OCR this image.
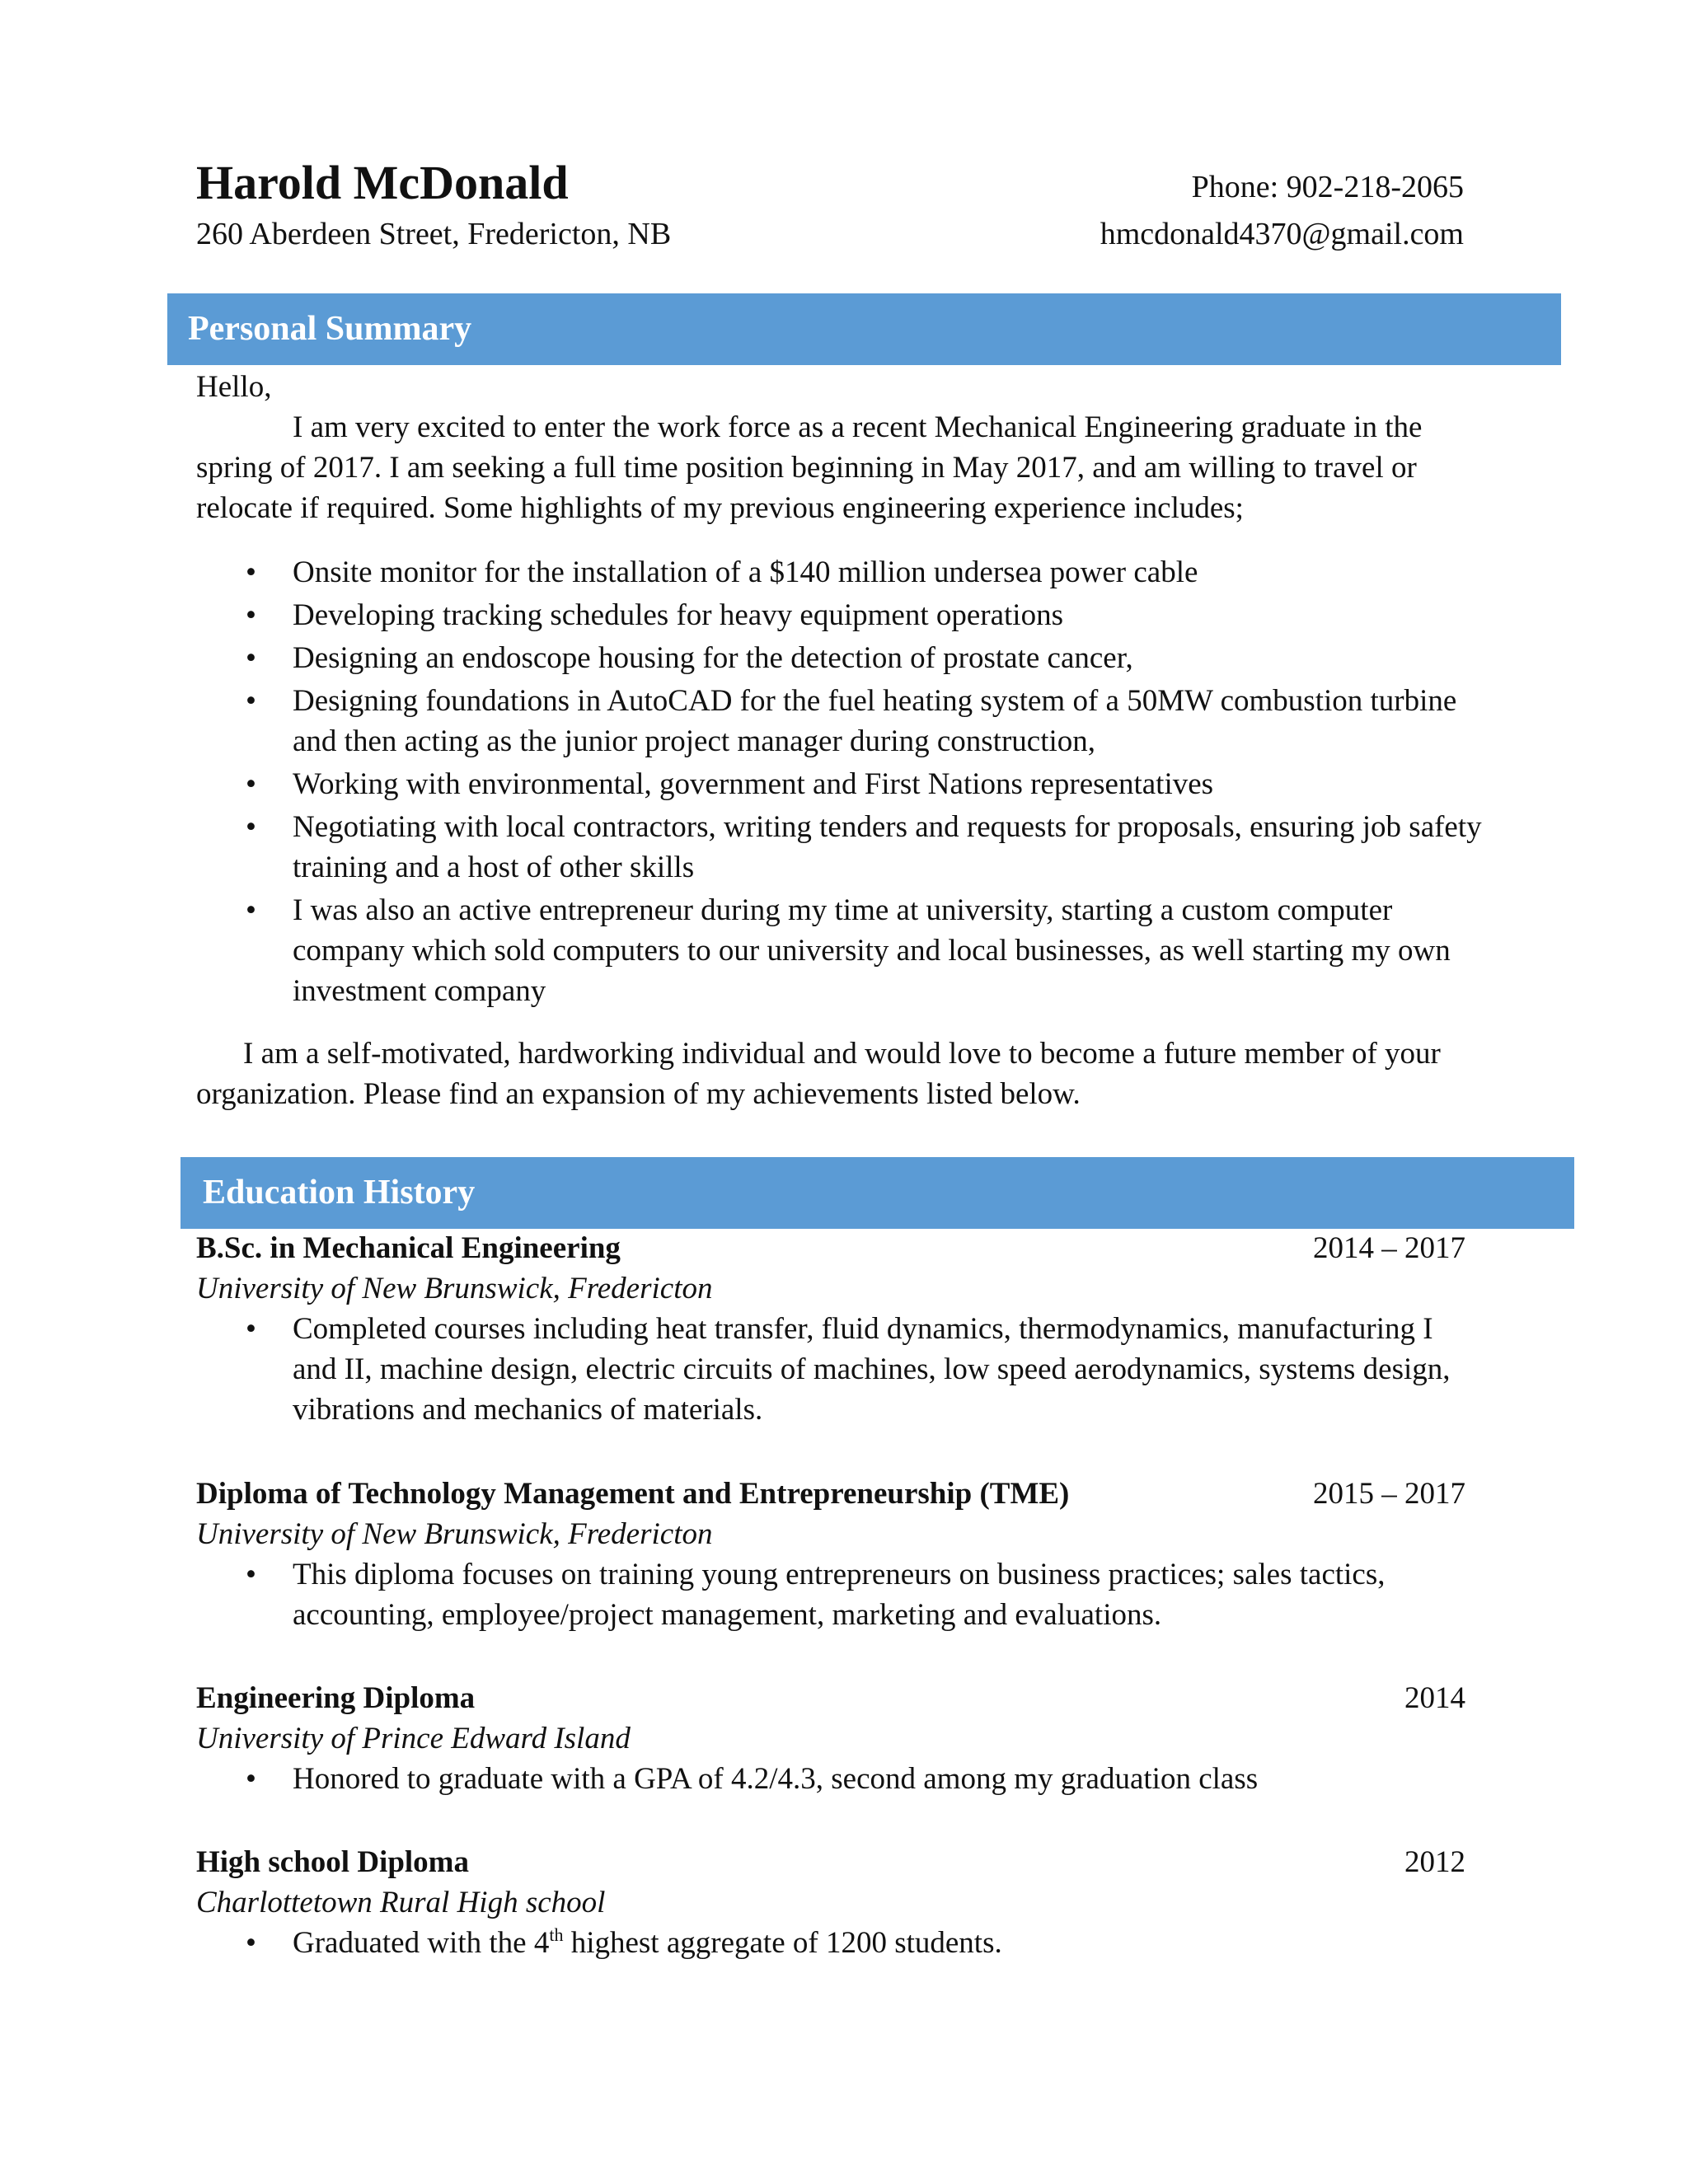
Harold McDonald	Phone: 902-218-2065
260 Aberdeen Street, Fredericton, NB	hmcdonald4370@gmail.com
Personal Summary
Hello,
I am very excited to enter the work force as a recent Mechanical Engineering graduate in the spring of 2017. I am seeking a full time position beginning in May 2017, and am willing to travel or relocate if required. Some highlights of my previous engineering experience includes;
• Onsite monitor for the installation of a $140 million undersea power cable
• Developing tracking schedules for heavy equipment operations
• Designing an endoscope housing for the detection of prostate cancer,
• Designing foundations in AutoCAD for the fuel heating system of a 50MW combustion turbine and then acting as the junior project manager during construction,
• Working with environmental, government and First Nations representatives
• Negotiating with local contractors, writing tenders and requests for proposals, ensuring job safety training and a host of other skills
• I was also an active entrepreneur during my time at university, starting a custom computer company which sold computers to our university and local businesses, as well starting my own investment company
I am a self-motivated, hardworking individual and would love to become a future member of your organization. Please find an expansion of my achievements listed below.
Education History
B.Sc. in Mechanical Engineering	2014 – 2017
University of New Brunswick, Fredericton
• Completed courses including heat transfer, fluid dynamics, thermodynamics, manufacturing I and II, machine design, electric circuits of machines, low speed aerodynamics, systems design, vibrations and mechanics of materials.
Diploma of Technology Management and Entrepreneurship (TME)	2015 – 2017
University of New Brunswick, Fredericton
• This diploma focuses on training young entrepreneurs on business practices; sales tactics, accounting, employee/project management, marketing and evaluations.
Engineering Diploma	2014
University of Prince Edward Island
• Honored to graduate with a GPA of 4.2/4.3, second among my graduation class
High school Diploma	2012
Charlottetown Rural High school
• Graduated with the 4th highest aggregate of 1200 students.
